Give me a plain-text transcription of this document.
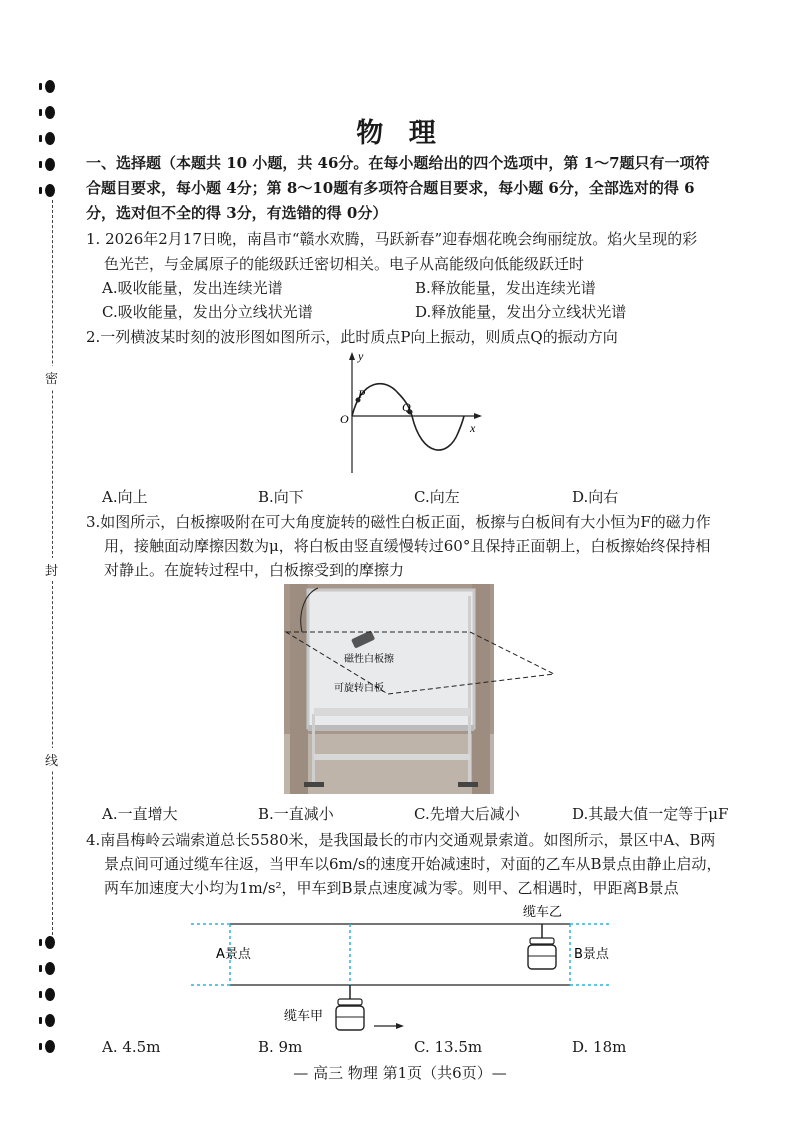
密
封
线
物 理
一、选择题（本题共 10 小题，共 46分。在每小题给出的四个选项中，第 1～7题只有一项符
合题目要求，每小题 4分；第 8～10题有多项符合题目要求，每小题 6分，全部选对的得 6
分，选对但不全的得 3分，有选错的得 0分）
1. 2026年2月17日晚，南昌市“赣水欢腾，马跃新春”迎春烟花晚会绚丽绽放。焰火呈现的彩
色光芒，与金属原子的能级跃迁密切相关。电子从高能级向低能级跃迁时
A.吸收能量，发出连续光谱	B.释放能量，发出连续光谱
C.吸收能量，发出分立线状光谱	D.释放能量，发出分立线状光谱
2.一列横波某时刻的波形图如图所示，此时质点P向上振动，则质点Q的振动方向
y
x
O
P
Q
A.向上	B.向下	C.向左	D.向右
3.如图所示，白板擦吸附在可大角度旋转的磁性白板正面，板擦与白板间有大小恒为F的磁力作
用，接触面动摩擦因数为μ，将白板由竖直缓慢转过60°且保持正面朝上，白板擦始终保持相
对静止。在旋转过程中，白板擦受到的摩擦力
磁性白板擦
可旋转白板
A.一直增大	B.一直减小	C.先增大后减小	D.其最大值一定等于μF
4.南昌梅岭云端索道总长5580米，是我国最长的市内交通观景索道。如图所示，景区中A、B两
景点间可通过缆车往返，当甲车以6m/s的速度开始减速时，对面的乙车从B景点由静止启动，
两车加速度大小均为1m/s²，甲车到B景点速度减为零。则甲、乙相遇时，甲距离B景点
缆车乙
缆车甲
A景点	B景点
A. 4.5m	B. 9m	C. 13.5m	D. 18m
— 高三 物理 第1页（共6页）—
